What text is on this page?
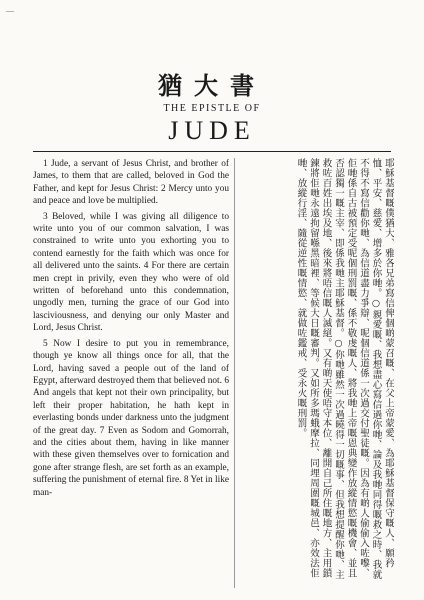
—
猶大書
THE EPISTLE OF
JUDE

1 Jude, a servant of Jesus Christ, and brother of James, to them that are called, beloved in God the Father, and kept for Jesus Christ: 2 Mercy unto you and peace and love be multiplied.

3 Beloved, while I was giving all diligence to write unto you of our common salvation, I was constrained to write unto you exhorting you to contend earnestly for the faith which was once for all delivered unto the saints. 4 For there are certain men crept in privily, even they who were of old written of beforehand unto this condemnation, ungodly men, turning the grace of our God into lasciviousness, and denying our only Master and Lord, Jesus Christ.

5 Now I desire to put you in remembrance, though ye know all things once for all, that the Lord, having saved a people out of the land of Egypt, afterward destroyed them that believed not. 6 And angels that kept not their own principality, but left their proper habitation, he hath kept in everlasting bonds under darkness unto the judgment of the great day. 7 Even as Sodom and Gomorrah, and the cities about them, having in like manner with these given themselves over to fornication and gone after strange flesh, are set forth as an example, suffering the punishment of eternal fire. 8 Yet in like man-	耶穌基督嘅僕猶大、雅各兄弟寫信俾個啲蒙召嘅、在父上帝蒙愛、為耶穌基督保守嘅人、願矜恤、平安、慈愛、增多於你哋。○親愛嘅、我想盡心寫信過你哋、論及我哋同得嘅救之時、我就不得不寫信勸你哋、為信道盡力爭辯、呢個信道係一次過交付聖徒嘅。因為有啲人偷偷入咗嚟、佢哋係自古被預定受呢個刑罰嘅、係不敬虔嘅人、將我哋上帝嘅恩典變作放縱情慾嘅機會、並且否認獨一嘅主宰、即係我哋主耶穌基督。○你哋雖然一次過曉得一切嘅事、但我想提醒你哋、主救咗百姓出埃及地、後來將唔信嘅人滅絕。又有啲天使唔守本位、離開自己所住嘅地方、主用鎖鍊將佢哋永遠拘留喺黑暗裡、等候大日嘅審判。又如所多瑪蛾摩拉、同埋周圍嘅城邑、亦效法佢哋、放縱行淫、隨從逆性嘅情慾、就做咗鑑戒、受永火嘅刑罰。
